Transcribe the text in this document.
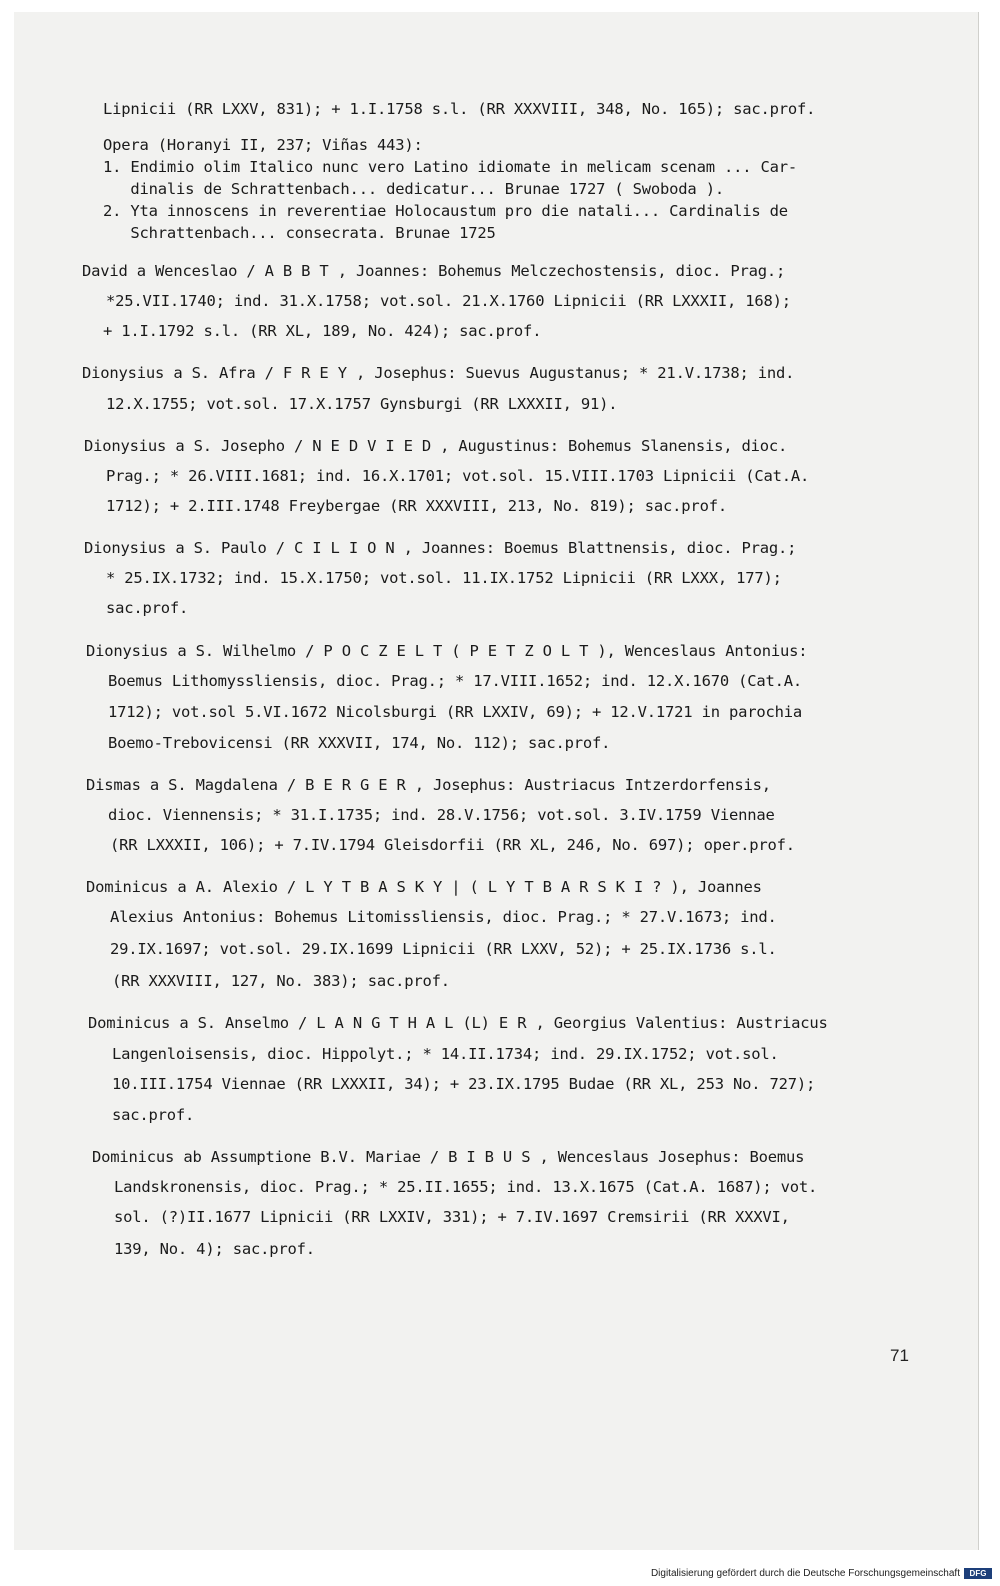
Lipnicii (RR LXXV, 831); + 1.I.1758 s.l. (RR XXXVIII, 348, No. 165); sac.prof.
Opera (Horanyi II, 237; Viñas 443):
1. Endimio olim Italico nunc vero Latino idiomate in melicam scenam ... Car-
dinalis de Schrattenbach... dedicatur... Brunae 1727 ( Swoboda ).
2. Yta innoscens in reverentiae Holocaustum pro die natali... Cardinalis de
Schrattenbach... consecrata. Brunae 1725
David a Wenceslao / A B B T , Joannes: Bohemus Melczechostensis, dioc. Prag.;
*25.VII.1740; ind. 31.X.1758; vot.sol. 21.X.1760 Lipnicii (RR LXXXII, 168);
+ 1.I.1792 s.l. (RR XL, 189, No. 424); sac.prof.
Dionysius a S. Afra / F R E Y , Josephus: Suevus Augustanus; * 21.V.1738; ind.
12.X.1755; vot.sol. 17.X.1757 Gynsburgi (RR LXXXII, 91).
Dionysius a S. Josepho / N E D V I E D , Augustinus: Bohemus Slanensis, dioc.
Prag.; * 26.VIII.1681; ind. 16.X.1701; vot.sol. 15.VIII.1703 Lipnicii (Cat.A.
1712); + 2.III.1748 Freybergae (RR XXXVIII, 213, No. 819); sac.prof.
Dionysius a S. Paulo / C I L I O N , Joannes: Boemus Blattnensis, dioc. Prag.;
* 25.IX.1732; ind. 15.X.1750; vot.sol. 11.IX.1752 Lipnicii (RR LXXX, 177);
sac.prof.
Dionysius a S. Wilhelmo / P O C Z E L T ( P E T Z O L T ), Wenceslaus Antonius:
Boemus Lithomyssliensis, dioc. Prag.; * 17.VIII.1652; ind. 12.X.1670 (Cat.A.
1712); vot.sol 5.VI.1672 Nicolsburgi (RR LXXIV, 69); + 12.V.1721 in parochia
Boemo-Trebovicensi (RR XXXVII, 174, No. 112); sac.prof.
Dismas a S. Magdalena / B E R G E R , Josephus: Austriacus Intzerdorfensis,
dioc. Viennensis; * 31.I.1735; ind. 28.V.1756; vot.sol. 3.IV.1759 Viennae
(RR LXXXII, 106); + 7.IV.1794 Gleisdorfii (RR XL, 246, No. 697); oper.prof.
Dominicus a A. Alexio / L Y T B A S K Y | ( L Y T B A R S K I ? ), Joannes
Alexius Antonius: Bohemus Litomissliensis, dioc. Prag.; * 27.V.1673; ind.
29.IX.1697; vot.sol. 29.IX.1699 Lipnicii (RR LXXV, 52); + 25.IX.1736 s.l.
(RR XXXVIII, 127, No. 383); sac.prof.
Dominicus a S. Anselmo / L A N G T H A L (L) E R , Georgius Valentius: Austriacus
Langenloisensis, dioc. Hippolyt.; * 14.II.1734; ind. 29.IX.1752; vot.sol.
10.III.1754 Viennae (RR LXXXII, 34); + 23.IX.1795 Budae (RR XL, 253 No. 727);
sac.prof.
Dominicus ab Assumptione B.V. Mariae / B I B U S , Wenceslaus Josephus: Boemus
Landskronensis, dioc. Prag.; * 25.II.1655; ind. 13.X.1675 (Cat.A. 1687); vot.
sol. (?)II.1677 Lipnicii (RR LXXIV, 331); + 7.IV.1697 Cremsirii (RR XXXVI,
139, No. 4); sac.prof.
71
Digitalisierung gefördert durch die Deutsche Forschungsgemeinschaft	DFG
